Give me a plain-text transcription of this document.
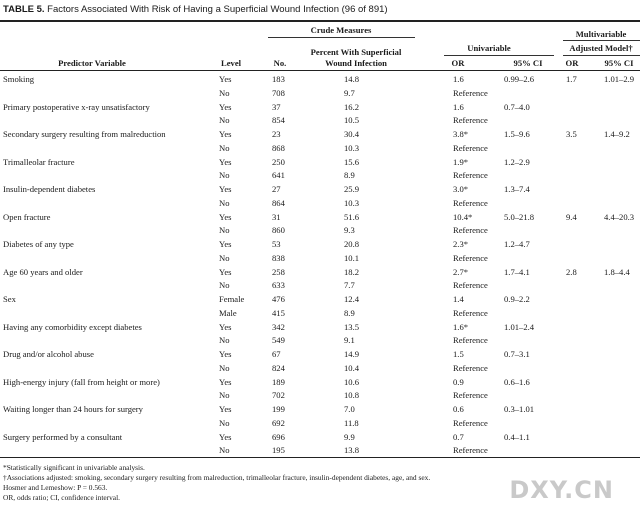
TABLE 5. Factors Associated With Risk of Having a Superficial Wound Infection (96 of 891)
Crude Measures	Multivariable
Univariable	Adjusted Model†
Predictor Variable	Level	No.
Percent With Superficial
Wound Infection	OR	95% CI	OR	95% CI
Smoking	Yes	183	14.8	1.6	0.99–2.6	1.7	1.01–2.9
No	708	9.7	Reference
Primary postoperative x-ray unsatisfactory	Yes	37	16.2	1.6	0.7–4.0
No	854	10.5	Reference
Secondary surgery resulting from malreduction	Yes	23	30.4	3.8*	1.5–9.6	3.5	1.4–9.2
No	868	10.3	Reference
Trimalleolar fracture	Yes	250	15.6	1.9*	1.2–2.9
No	641	8.9	Reference
Insulin-dependent diabetes	Yes	27	25.9	3.0*	1.3–7.4
No	864	10.3	Reference
Open fracture	Yes	31	51.6	10.4*	5.0–21.8	9.4	4.4–20.3
No	860	9.3	Reference
Diabetes of any type	Yes	53	20.8	2.3*	1.2–4.7
No	838	10.1	Reference
Age 60 years and older	Yes	258	18.2	2.7*	1.7–4.1	2.8	1.8–4.4
No	633	7.7	Reference
Sex	Female	476	12.4	1.4	0.9–2.2
Male	415	8.9	Reference
Having any comorbidity except diabetes	Yes	342	13.5	1.6*	1.01–2.4
No	549	9.1	Reference
Drug and/or alcohol abuse	Yes	67	14.9	1.5	0.7–3.1
No	824	10.4	Reference
High-energy injury (fall from height or more)	Yes	189	10.6	0.9	0.6–1.6
No	702	10.8	Reference
Waiting longer than 24 hours for surgery	Yes	199	7.0	0.6	0.3–1.01
No	692	11.8	Reference
Surgery performed by a consultant	Yes	696	9.9	0.7	0.4–1.1
No	195	13.8	Reference
*Statistically significant in univariable analysis.
†Associations adjusted: smoking, secondary surgery resulting from malreduction, trimalleolar fracture, insulin-dependent diabetes, age, and sex.
Hosmer and Lemeshow: P = 0.563.
OR, odds ratio; CI, confidence interval.	DXY.CN
